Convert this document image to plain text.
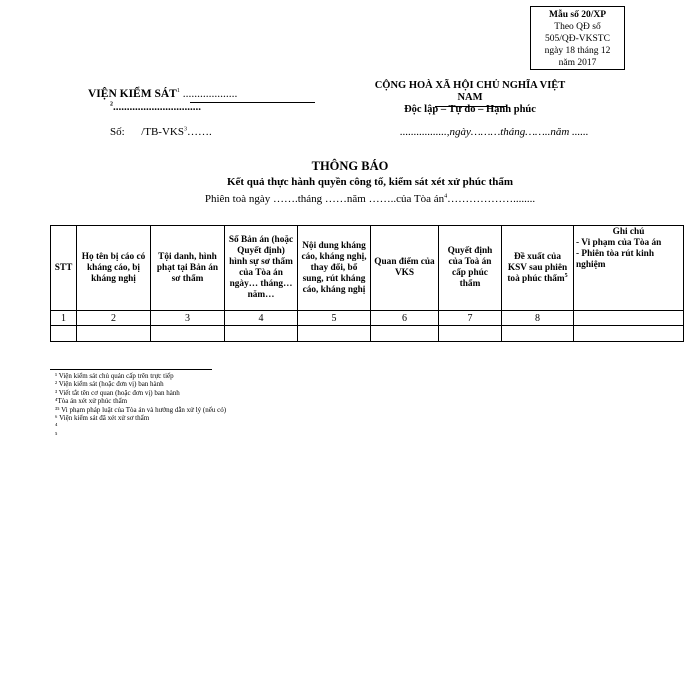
Mẫu số 20/XP
Theo QĐ số
505/QĐ-VKSTC
ngày 18 tháng 12
năm 2017
VIỆN KIỂM SÁT$^1$ ...................
$^2$................................
CỘNG HOÀ XÃ HỘI CHỦ NGHĨA VIỆT NAM
Độc lập – Tự do – Hạnh phúc
Số: /TB-VKS$^3$…….	.................,ngày………tháng……..năm ......
THÔNG BÁO
Kết quả thực hành quyền công tố, kiểm sát xét xử phúc thẩm
Phiên toà ngày …….tháng ……năm ……..của Tòa $án^4\dots\dots\dots\dots\dots\dots$........
STT	Họ tên bị cáo có kháng cáo, bị kháng nghị	Tội danh, hình phạt tại Bản án sơ thẩm	Số Bản án (hoặc Quyết định) hình sự sơ thẩm của Tòa án ngày… tháng… năm…	Nội dung kháng cáo, kháng nghị, thay đổi, bổ sung, rút kháng cáo, kháng nghị	Quan điểm của VKS	Quyết định của Toà án cấp phúc thẩm	Đề xuất của KSV sau phiên toà phúc thẩm$^5$	Ghi chú
- Vi phạm của Tòa án
- Phiên tòa rút kinh nghiệm

1	2	3	4	5	6	7	8	

¹ Viện kiểm sát chủ quản cấp trên trực tiếp
² Viện kiểm sát (hoặc đơn vị) ban hành
³ Viết tắt tên cơ quan (hoặc đơn vị) ban hành
⁴Tòa án xét xử phúc thẩm
³⁵ Vi phạm pháp luật của Tòa án và hướng dẫn xử lý (nếu có)
⁶ Viện kiểm sát đã xét xử sơ thẩm
⁴
⁵
